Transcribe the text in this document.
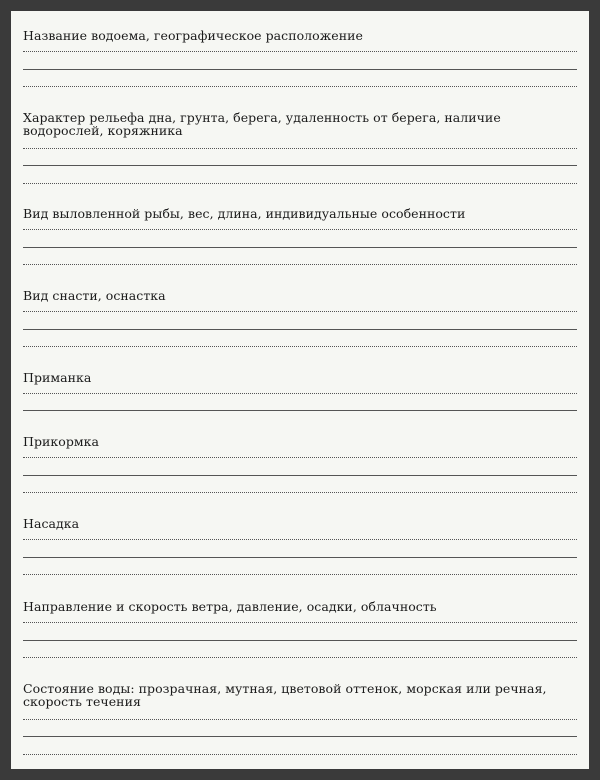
Название водоема, географическое расположение

Характер рельефа дна, грунта, берега, удаленность от берега, наличие водорослей, коряжника

Вид выловленной рыбы, вес, длина, индивидуальные особенности

Вид снасти, оснастка

Приманка

Прикормка

Насадка

Направление и скорость ветра, давление, осадки, облачность

Состояние воды: прозрачная, мутная, цветовой оттенок, морская или речная, скорость течения
